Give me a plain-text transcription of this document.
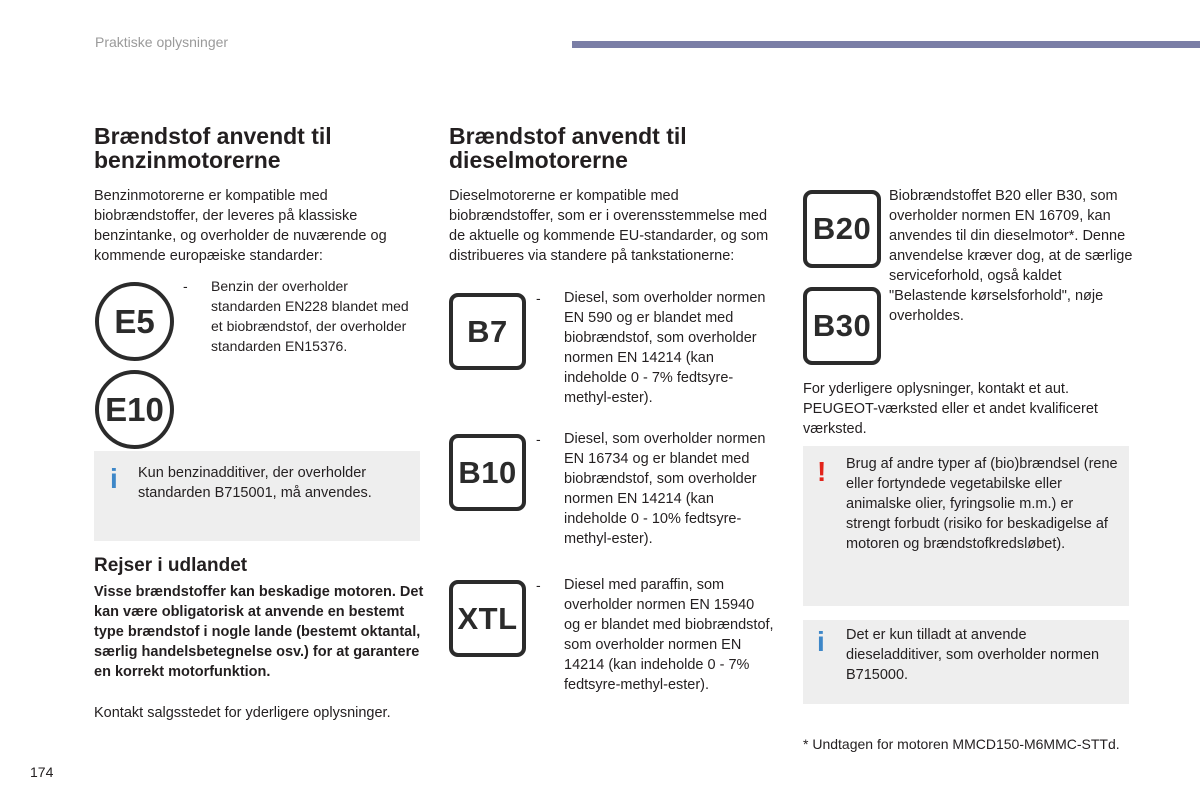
Praktiske oplysninger
Brændstof anvendt til benzinmotorerne

Benzinmotorerne er kompatible med biobrændstoffer, der leveres på klassiske benzintanke, og overholder de nuværende og kommende europæiske standarder:

E5
E10
- Benzin der overholder standarden EN228 blandet med et biobrændstof, der overholder standarden EN15376.

i Kun benzinadditiver, der overholder standarden B715001, må anvendes.

Rejser i udlandet

Visse brændstoffer kan beskadige motoren. Det kan være obligatorisk at anvende en bestemt type brændstof i nogle lande (bestemt oktantal, særlig handelsbetegnelse osv.) for at garantere en korrekt motorfunktion.

Kontakt salgsstedet for yderligere oplysninger.

Brændstof anvendt til dieselmotorerne

Dieselmotorerne er kompatible med biobrændstoffer, som er i overensstemmelse med de aktuelle og kommende EU-standarder, og som distribueres via standere på tankstationerne:

B7
- Diesel, som overholder normen EN 590 og er blandet med biobrændstof, som overholder normen EN 14214 (kan indeholde 0 - 7% fedtsyre-methyl-ester).

B10
- Diesel, som overholder normen EN 16734 og er blandet med biobrændstof, som overholder normen EN 14214 (kan indeholde 0 - 10% fedtsyre-methyl-ester).

XTL
- Diesel med paraffin, som overholder normen EN 15940 og er blandet med biobrændstof, som overholder normen EN 14214 (kan indeholde 0 - 7% fedtsyre-methyl-ester).

B20
B30

Biobrændstoffet B20 eller B30, som overholder normen EN 16709, kan anvendes til din dieselmotor*. Denne anvendelse kræver dog, at de særlige serviceforhold, også kaldet "Belastende kørselsforhold", nøje overholdes.

For yderligere oplysninger, kontakt et aut. PEUGEOT-værksted eller et andet kvalificeret værksted.

! Brug af andre typer af (bio)brændsel (rene eller fortyndede vegetabilske eller animalske olier, fyringsolie m.m.) er strengt forbudt (risiko for beskadigelse af motoren og brændstofkredsløbet).

i Det er kun tilladt at anvende dieseladditiver, som overholder normen B715000.

* Undtagen for motoren MMCD150-M6MMC-STTd.

174
